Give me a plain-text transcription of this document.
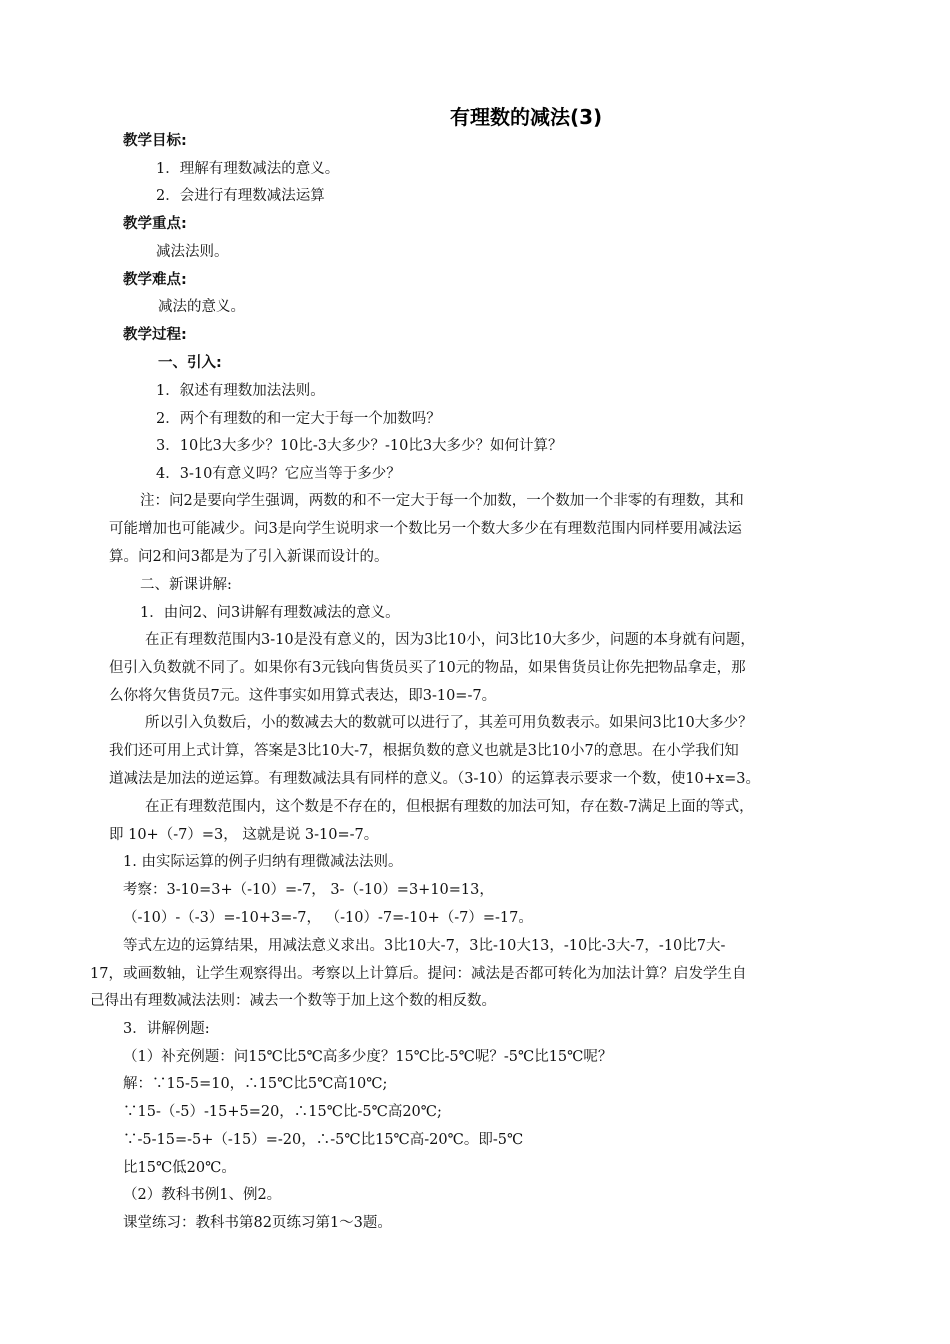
有理数的减法(3)
教学目标:
1．理解有理数减法的意义。
2．会进行有理数减法运算
教学重点:
减法法则。
教学难点:
减法的意义。
教学过程:
一、引入:
1．叙述有理数加法法则。
2．两个有理数的和一定大于每一个加数吗？
3．10比3大多少？10比-3大多少？-10比3大多少？如何计算？
4．3-10有意义吗？它应当等于多少？
注：问2是要向学生强调，两数的和不一定大于每一个加数，一个数加一个非零的有理数，其和
可能增加也可能减少。问3是向学生说明求一个数比另一个数大多少在有理数范围内同样要用减法运
算。问2和问3都是为了引入新课而设计的。
二、新课讲解:
1．由问2、问3讲解有理数减法的意义。
在正有理数范围内3-10是没有意义的，因为3比10小，问3比10大多少，问题的本身就有问题，
但引入负数就不同了。如果你有3元钱向售货员买了10元的物品，如果售货员让你先把物品拿走，那
么你将欠售货员7元。这件事实如用算式表达，即3-10=-7。
所以引入负数后，小的数减去大的数就可以进行了，其差可用负数表示。如果问3比10大多少？
我们还可用上式计算，答案是3比10大-7，根据负数的意义也就是3比10小7的意思。在小学我们知
道减法是加法的逆运算。有理数减法具有同样的意义。（3-10）的运算表示要求一个数，使10+x=3。
在正有理数范围内，这个数是不存在的，但根据有理数的加法可知，存在数-7满足上面的等式，
即 10+（-7）=3， 这就是说 3-10=-7。
1. 由实际运算的例子归纳有理微减法法则。
考察：3-10=3+（-10）=-7， 3-（-10）=3+10=13，
（-10）-（-3）=-10+3=-7， （-10）-7=-10+（-7）=-17。
等式左边的运算结果，用减法意义求出。3比10大-7，3比-10大13，-10比-3大-7，-10比7大-
17，或画数轴，让学生观察得出。考察以上计算后。提问：减法是否都可转化为加法计算？启发学生自
己得出有理数减法法则：减去一个数等于加上这个数的相反数。
3．讲解例题:
（1）补充例题：问15℃比5℃高多少度？15℃比-5℃呢？-5℃比15℃呢？
解：∵15-5=10，∴15℃比5℃高10℃;
∵15-（-5）-15+5=20，∴15℃比-5℃高20℃;
∵-5-15=-5+（-15）=-20，∴-5℃比15℃高-20℃。即-5℃
比15℃低20℃。
（2）教科书例1、例2。
课堂练习：教科书第82页练习第1～3题。
